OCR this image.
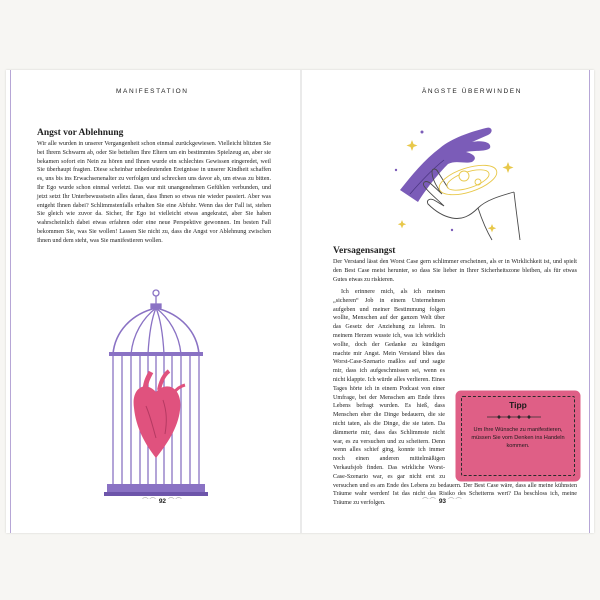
MANIFESTATION
Angst vor Ablehnung

Wir alle wurden in unserer Vergangenheit schon einmal zurückgewiesen. Vielleicht blitzten Sie bei Ihrem Schwarm ab, oder Sie bettelten Ihre Eltern um ein bestimmtes Spielzeug an, aber sie bekamen sofort ein Nein zu hören und Ihnen wurde ein schlechtes Gewissen eingeredet, weil Sie überhaupt fragten. Diese scheinbar unbedeutenden Ereignisse in unserer Kindheit schaffen es, uns bis ins Erwachsenenalter zu verfolgen und schrecken uns davor ab, um etwas zu bitten. Ihr Ego wurde schon einmal verletzt. Das war mit unangenehmen Gefühlen verbunden, und jetzt setzt Ihr Unterbewusstsein alles daran, dass Ihnen so etwas nie wieder passiert. Aber was entgeht Ihnen dabei? Schlimmstenfalls erhalten Sie eine Abfuhr. Wenn das der Fall ist, stehen Sie gleich wie zuvor da. Sicher, Ihr Ego ist vielleicht etwas angekratzt, aber Sie haben wahrscheinlich dabei etwas erfahren oder eine neue Perspektive gewonnen. Im besten Fall bekommen Sie, was Sie wollen! Lassen Sie nicht zu, dass die Angst vor Ablehnung zwischen Ihnen und dem steht, was Sie manifestieren wollen.

⌒⌒ 92 ⌒⌒
ÄNGSTE ÜBERWINDEN
Versagensangst

Der Verstand lässt den Worst Case gern schlimmer erscheinen, als er in Wirklichkeit ist, und spielt den Best Case meist herunter, so dass Sie lieber in Ihrer Sicherheitszone bleiben, als für etwas Gutes etwas zu riskieren.

Ich erinnere mich, als ich meinen „sicheren“ Job in einem Unternehmen aufgeben und meiner Bestimmung folgen wollte, Menschen auf der ganzen Welt über das Gesetz der Anziehung zu lehren. In meinem Herzen wusste ich, was ich wirklich wollte, doch der Gedanke zu kündigen machte mir Angst. Mein Verstand blies das Worst-Case-Szenario maßlos auf und sagte mir, dass ich aufgeschmissen sei, wenn es nicht klappte. Ich würde alles verlieren. Eines Tages hörte ich in einem Podcast von einer Umfrage, bei der Menschen am Ende ihres Lebens befragt wurden. Es hieß, dass Menschen eher die Dinge bedauern, die sie nicht taten, als die Dinge, die sie taten. Da dämmerte mir, dass das Schlimmste nicht war, es zu versuchen und zu scheitern. Denn wenn alles schief ging, konnte ich immer noch einen anderen mittelmäßigen Verkaufsjob finden. Das wirkliche Worst-Case-Szenario war, es gar nicht erst zu versuchen und es am Ende des Lebens zu bedauern. Der Best Case wäre, dass alle meine kühnsten Träume wahr werden! Ist das nicht das Risiko des Scheiterns wert? Da beschloss ich, meine Träume zu verfolgen.

Tipp
Um Ihre Wünsche zu manifestieren, müssen Sie vom Denken ins Handeln kommen.
⌒⌒ 93 ⌒⌒
